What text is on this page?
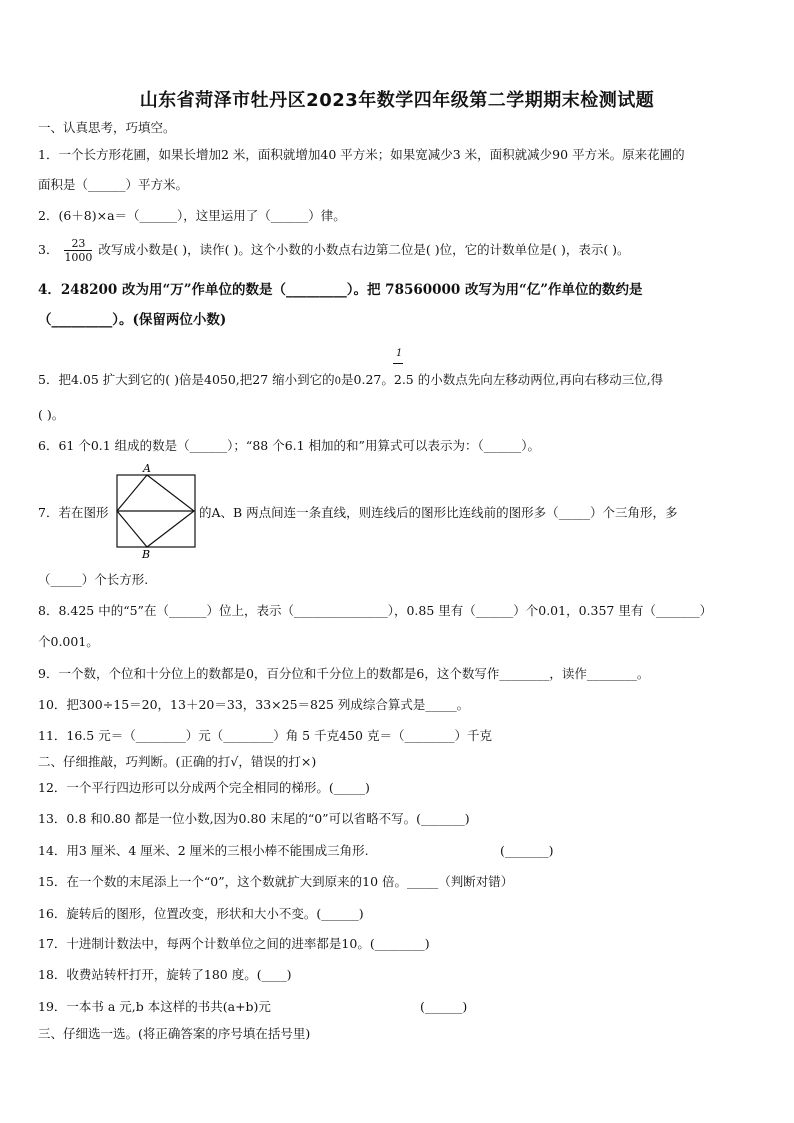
山东省菏泽市牡丹区2023年数学四年级第二学期期末检测试题
一、认真思考，巧填空。
1．一个长方形花圃，如果长增加2 米，面积就增加40 平方米；如果宽减少3 米，面积就减少90 平方米。原来花圃的
面积是（______）平方米。
2．(6＋8)×a＝（______），这里运用了（______）律。
3． $\frac{23}{1000}$ 改写成小数是( )，读作( )。这个小数的小数点右边第二位是( )位，它的计数单位是( )，表示( )。
4．248200 改为用“万”作单位的数是（_________）。把 78560000 改写为用“亿”作单位的数约是
（_________）。(保留两位小数)
1
5．把4.05 扩大到它的( )倍是4050,把27 缩小到它的0是0.27。2.5 的小数点先向左移动两位,再向右移动三位,得
( )。
6．61 个0.1 组成的数是（______）；“88 个6.1 相加的和”用算式可以表示为：（______）。
A
B
7．若在图形	的A、B 两点间连一条直线，则连线后的图形比连线前的图形多（_____）个三角形，多
（_____）个长方形.
8．8.425 中的“5”在（______）位上，表示（_______________），0.85 里有（______）个0.01，0.357 里有（_______）
个0.001。
9．一个数，个位和十分位上的数都是0，百分位和千分位上的数都是6，这个数写作________，读作________。
10．把300÷15＝20，13＋20＝33，33×25＝825 列成综合算式是_____。
11．16.5 元＝（________）元（________）角 5 千克450 克＝（________）千克
二、仔细推敲，巧判断。(正确的打√，错误的打×)
12．一个平行四边形可以分成两个完全相同的梯形。(_____)
13．0.8 和0.80 都是一位小数,因为0.80 末尾的“0”可以省略不写。(_______)
14．用3 厘米、4 厘米、2 厘米的三根小棒不能围成三角形.	(_______)
15．在一个数的末尾添上一个“0”，这个数就扩大到原来的10 倍。_____（判断对错）
16．旋转后的图形，位置改变，形状和大小不变。(______)
17．十进制计数法中，每两个计数单位之间的进率都是10。(________)
18．收费站转杆打开，旋转了180 度。(____)
19．一本书 a 元,b 本这样的书共(a+b)元	(______)
三、仔细选一选。(将正确答案的序号填在括号里)
